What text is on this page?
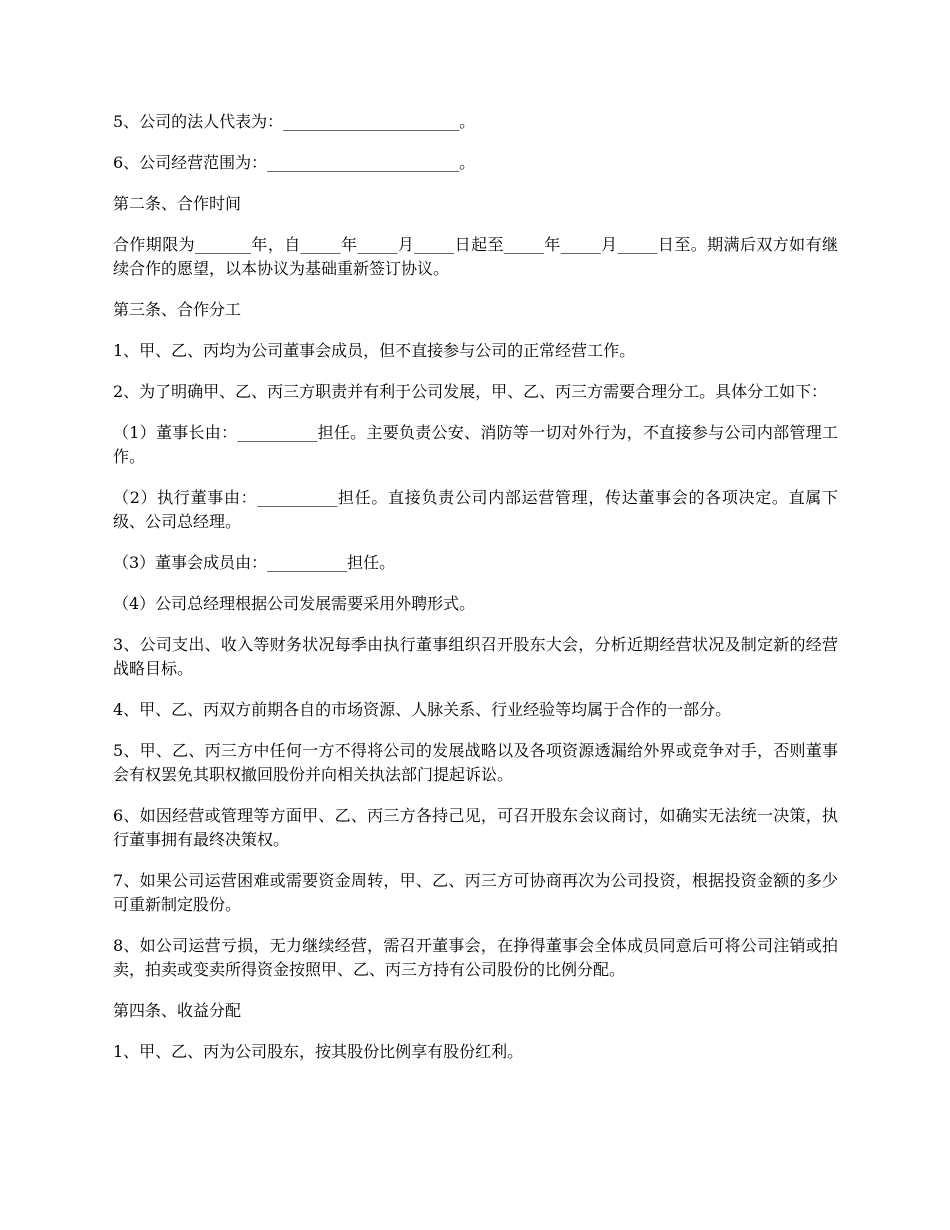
5、公司的法人代表为：______________________。

6、公司经营范围为：________________________。

第二条、合作时间

合作期限为_______年，自_____年_____月_____日起至_____年_____月_____日至。期满后双方如有继续合作的愿望，以本协议为基础重新签订协议。

第三条、合作分工

1、甲、乙、丙均为公司董事会成员，但不直接参与公司的正常经营工作。

2、为了明确甲、乙、丙三方职责并有利于公司发展，甲、乙、丙三方需要合理分工。具体分工如下：

（1）董事长由：__________担任。主要负责公安、消防等一切对外行为，不直接参与公司内部管理工作。

（2）执行董事由：__________担任。直接负责公司内部运营管理，传达董事会的各项决定。直属下级、公司总经理。

（3）董事会成员由：__________担任。

（4）公司总经理根据公司发展需要采用外聘形式。

3、公司支出、收入等财务状况每季由执行董事组织召开股东大会，分析近期经营状况及制定新的经营战略目标。

4、甲、乙、丙双方前期各自的市场资源、人脉关系、行业经验等均属于合作的一部分。

5、甲、乙、丙三方中任何一方不得将公司的发展战略以及各项资源透漏给外界或竞争对手，否则董事会有权罢免其职权撤回股份并向相关执法部门提起诉讼。

6、如因经营或管理等方面甲、乙、丙三方各持己见，可召开股东会议商讨，如确实无法统一决策，执行董事拥有最终决策权。

7、如果公司运营困难或需要资金周转，甲、乙、丙三方可协商再次为公司投资，根据投资金额的多少可重新制定股份。

8、如公司运营亏损，无力继续经营，需召开董事会，在挣得董事会全体成员同意后可将公司注销或拍卖，拍卖或变卖所得资金按照甲、乙、丙三方持有公司股份的比例分配。

第四条、收益分配

1、甲、乙、丙为公司股东，按其股份比例享有股份红利。
